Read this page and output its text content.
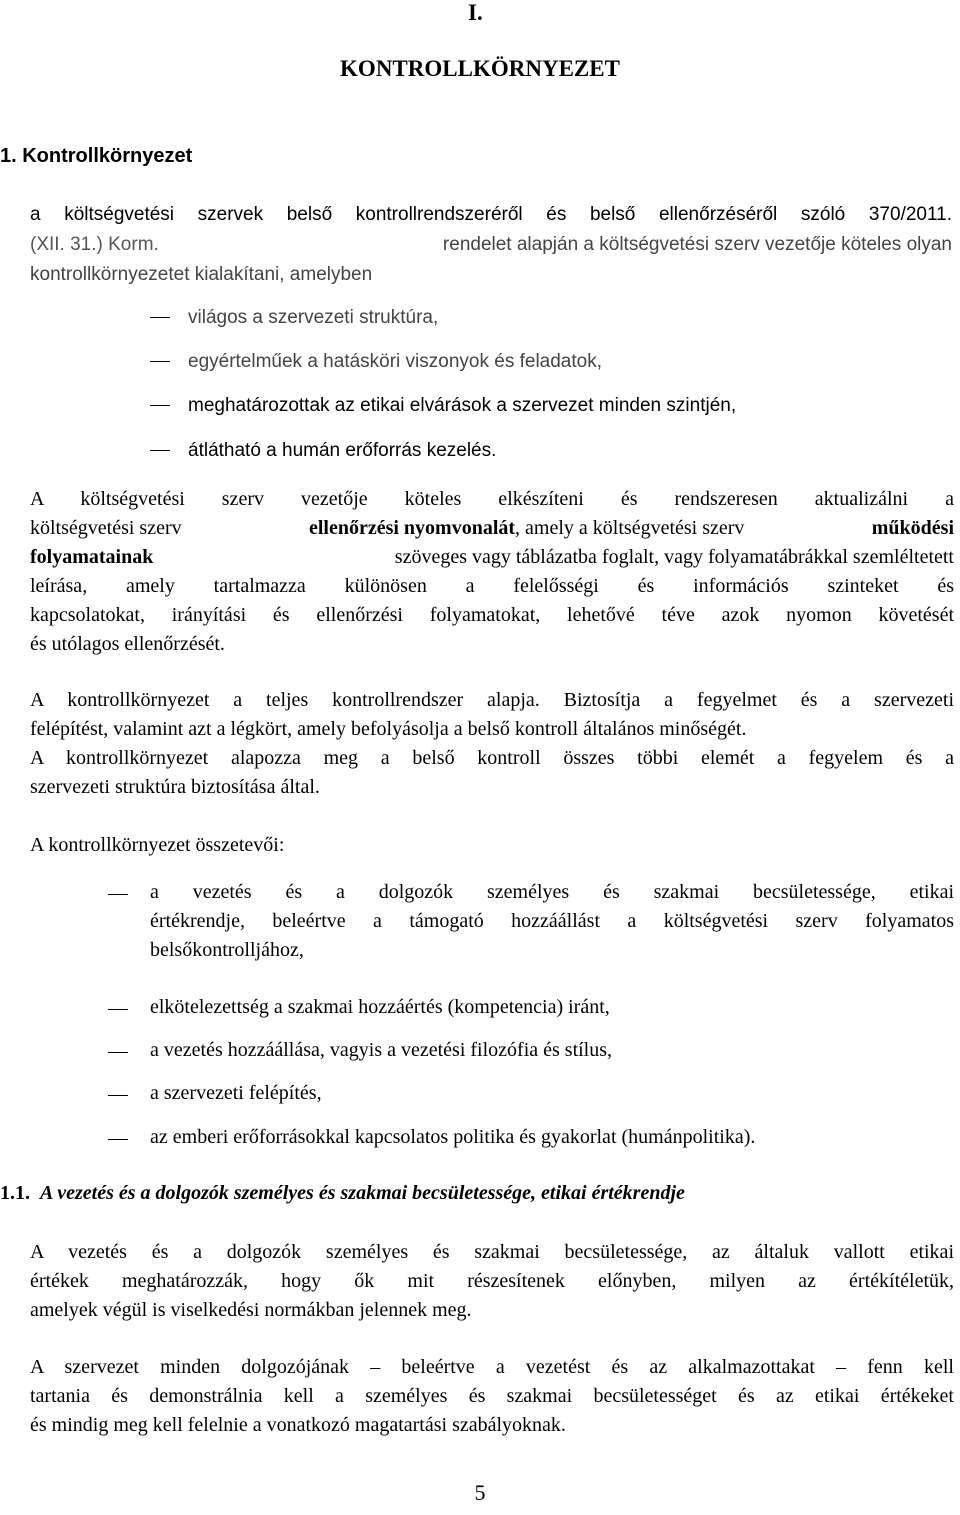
I.
KONTROLLKÖRNYEZET
1. Kontrollkörnyezet
a költségvetési szervek belső kontrollrendszeréről és belső ellenőrzéséről szóló 370/2011.
(XII. 31.) Korm.	rendelet alapján a költségvetési szerv vezetője köteles olyan
kontrollkörnyezetet kialakítani, amelyben
világos a szervezeti struktúra,
egyértelműek a hatásköri viszonyok és feladatok,
meghatározottak az etikai elvárások a szervezet minden szintjén,
átlátható a humán erőforrás kezelés.
A költségvetési szerv vezetője köteles elkészíteni és rendszeresen aktualizálni a
költségvetési szerv	ellenőrzési nyomvonalát, amely a költségvetési szerv	működési
folyamatainak	szöveges vagy táblázatba foglalt, vagy folyamatábrákkal szemléltetett
leírása, amely tartalmazza különösen a felelősségi és információs szinteket és
kapcsolatokat, irányítási és ellenőrzési folyamatokat, lehetővé téve azok nyomon követését
és utólagos ellenőrzését.
A kontrollkörnyezet a teljes kontrollrendszer alapja. Biztosítja a fegyelmet és a szervezeti
felépítést, valamint azt a légkört, amely befolyásolja a belső kontroll általános minőségét.
A kontrollkörnyezet alapozza meg a belső kontroll összes többi elemét a fegyelem és a
szervezeti struktúra biztosítása által.
A kontrollkörnyezet összetevői:
a vezetés és a dolgozók személyes és szakmai becsületessége, etikai
értékrendje, beleértve a támogató hozzáállást a költségvetési szerv folyamatos
belsőkontrolljához,
elkötelezettség a szakmai hozzáértés (kompetencia) iránt,
a vezetés hozzáállása, vagyis a vezetési filozófia és stílus,
a szervezeti felépítés,
az emberi erőforrásokkal kapcsolatos politika és gyakorlat (humánpolitika).
1.1. A vezetés és a dolgozók személyes és szakmai becsületessége, etikai értékrendje
A vezetés és a dolgozók személyes és szakmai becsületessége, az általuk vallott etikai
értékek meghatározzák, hogy ők mit részesítenek előnyben, milyen az értékítéletük,
amelyek végül is viselkedési normákban jelennek meg.
A szervezet minden dolgozójának – beleértve a vezetést és az alkalmazottakat – fenn kell
tartania és demonstrálnia kell a személyes és szakmai becsületességet és az etikai értékeket
és mindig meg kell felelnie a vonatkozó magatartási szabályoknak.
5
